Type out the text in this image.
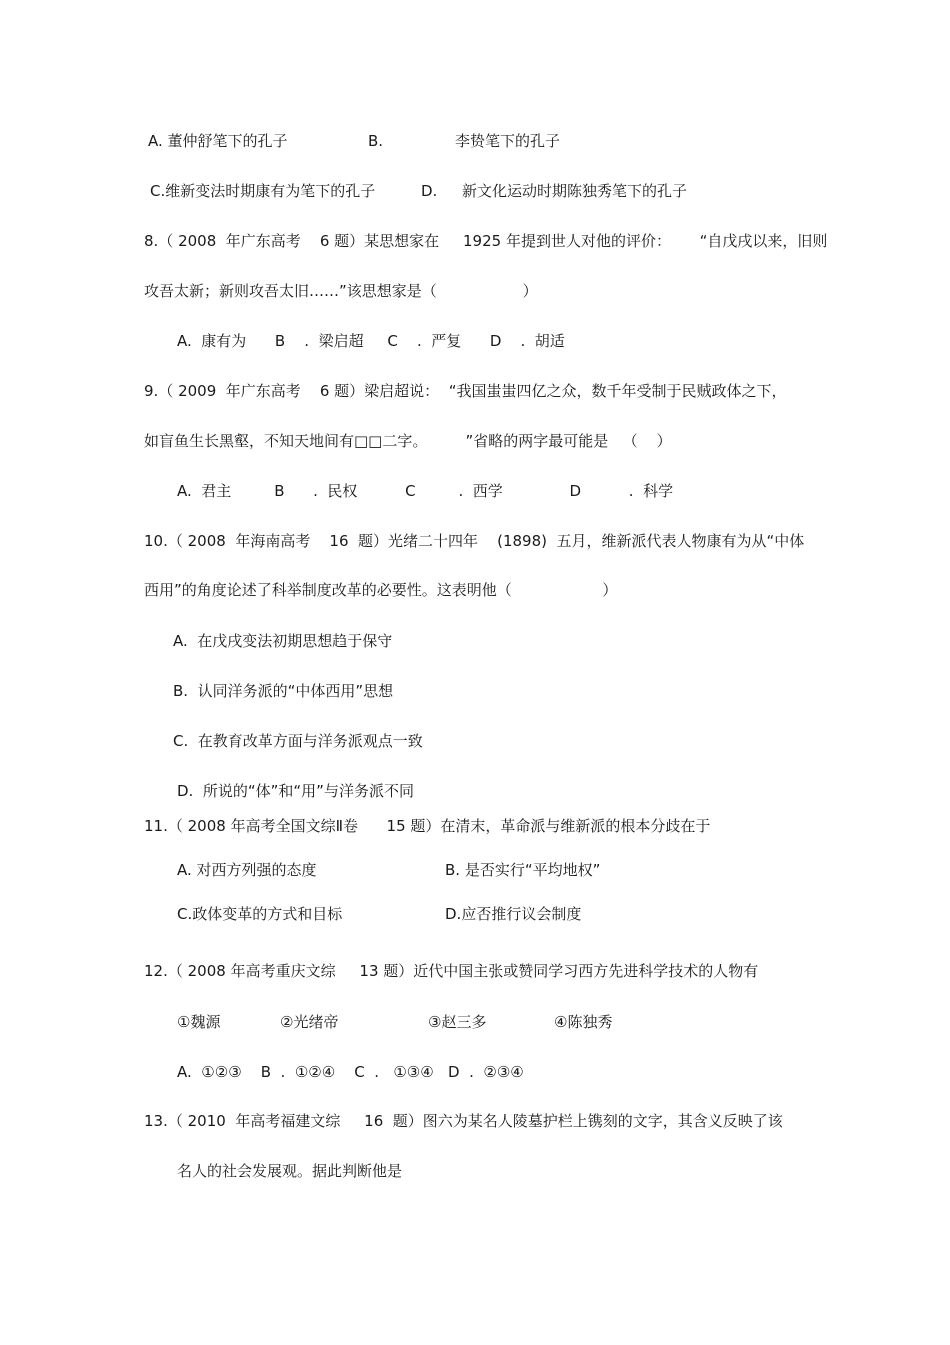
A. 董仲舒笔下的孔子	B.	李贽笔下的孔子
C.维新变法时期康有为笔下的孔子	D. 新文化运动时期陈独秀笔下的孔子
8.（ 2008  年广东高考    6 题）某思想家在     1925 年提到世人对他的评价：      “自戊戌以来，旧则
攻吾太新；新则攻吾太旧……”该思想家是（                  ）
A.  康有为      B    .  梁启超     C    .  严复      D    .  胡适
9.（ 2009  年广东高考    6 题）梁启超说：  “我国蚩蚩四亿之众，数千年受制于民贼政体之下，
如盲鱼生长黑壑，不知天地间有□□二字。        ”省略的两字最可能是   （    ）
A.  君主         B      .  民权          C         .  西学              D          .  科学
10.（ 2008  年海南高考    16  题）光绪二十四年    (1898)  五月，维新派代表人物康有为从“中体
西用”的角度论述了科举制度改革的必要性。这表明他（                   ）
A.  在戊戌变法初期思想趋于保守
B.  认同洋务派的“中体西用”思想
C.  在教育改革方面与洋务派观点一致
D.  所说的“体”和“用”与洋务派不同
11.（ 2008 年高考全国文综Ⅱ卷      15 题）在清末，革命派与维新派的根本分歧在于
A. 对西方列强的态度	B. 是否实行“平均地权”
C.政体变革的方式和目标	D.应否推行议会制度
12.（ 2008 年高考重庆文综     13 题）近代中国主张或赞同学习西方先进科学技术的人物有
①魏源	②光绪帝	③赵三多	④陈独秀
A.  ①②③    B  .  ①②④    C  .   ①③④   D  .  ②③④
13.（ 2010  年高考福建文综     16  题）图六为某名人陵墓护栏上镌刻的文字，其含义反映了该
名人的社会发展观。据此判断他是
